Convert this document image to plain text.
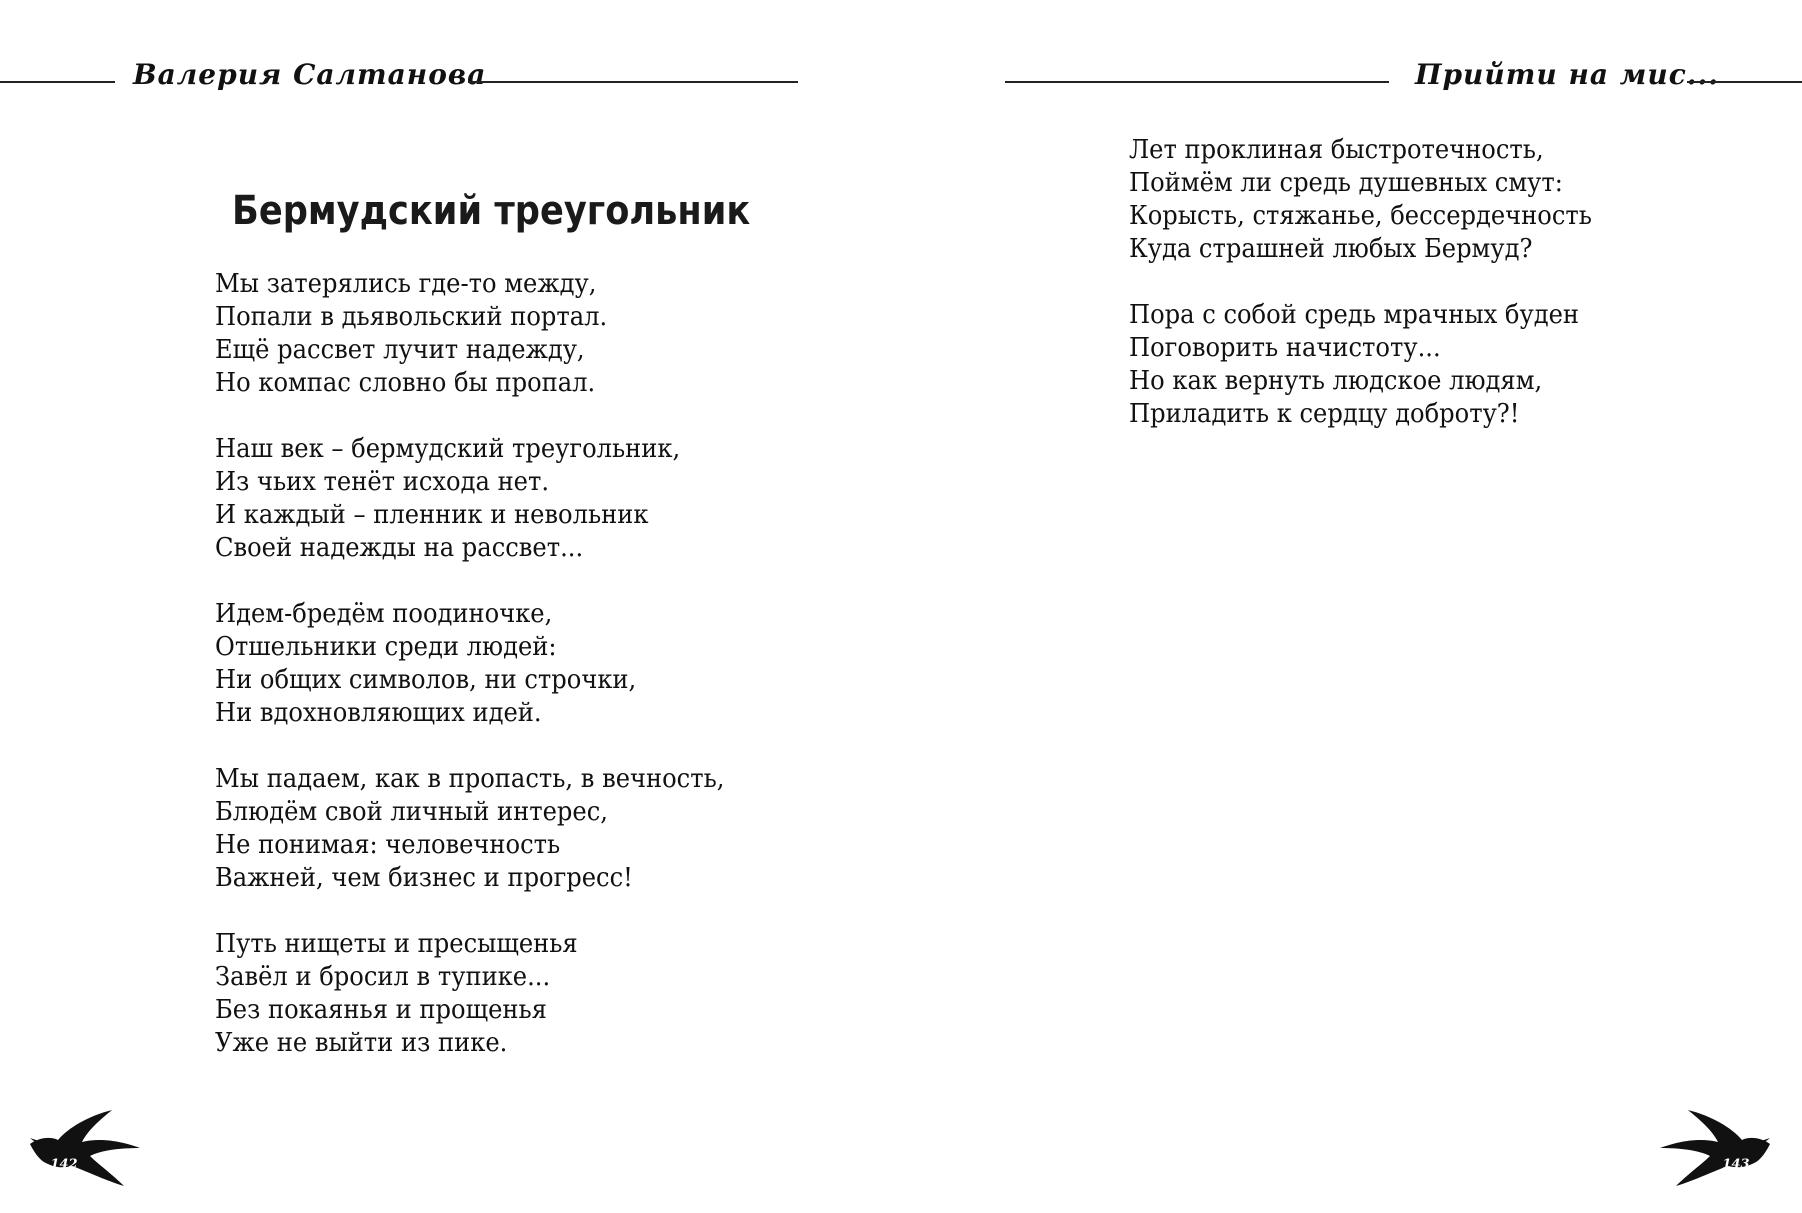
Валерия Салтанова
Бермудский треугольник
Мы затерялись где-то между,
Попали в дьявольский портал.
Ещё рассвет лучит надежду,
Но компас словно бы пропал.
Наш век – бермудский треугольник,
Из чьих тенёт исхода нет.
И каждый – пленник и невольник
Своей надежды на рассвет...
Идем-бредём поодиночке,
Отшельники среди людей:
Ни общих символов, ни строчки,
Ни вдохновляющих идей.
Мы падаем, как в пропасть, в вечность,
Блюдём свой личный интерес,
Не понимая: человечность
Важней, чем бизнес и прогресс!
Путь нищеты и пресыщенья
Завёл и бросил в тупике...
Без покаянья и прощенья
Уже не выйти из пике.
142
Прийти на мис...
Лет проклиная быстротечность,
Поймём ли средь душевных смут:
Корысть, стяжанье, бессердечность
Куда страшней любых Бермуд?
Пора с собой средь мрачных буден
Поговорить начистоту...
Но как вернуть людское людям,
Приладить к сердцу доброту?!
143
